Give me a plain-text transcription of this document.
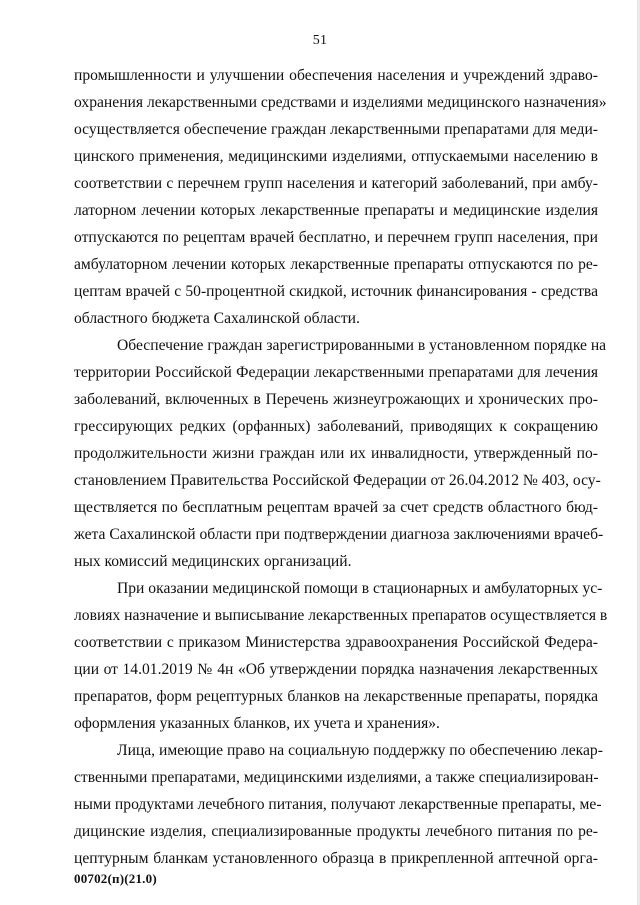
51
промышленности и улучшении обеспечения населения и учреждений здраво-
охранения лекарственными средствами и изделиями медицинского назначения»
осуществляется обеспечение граждан лекарственными препаратами для меди-
цинского применения, медицинскими изделиями, отпускаемыми населению в
соответствии с перечнем групп населения и категорий заболеваний, при амбу-
латорном лечении которых лекарственные препараты и медицинские изделия
отпускаются по рецептам врачей бесплатно, и перечнем групп населения, при
амбулаторном лечении которых лекарственные препараты отпускаются по ре-
цептам врачей с 50-процентной скидкой, источник финансирования - средства
областного бюджета Сахалинской области.
Обеспечение граждан зарегистрированными в установленном порядке на
территории Российской Федерации лекарственными препаратами для лечения
заболеваний, включенных в Перечень жизнеугрожающих и хронических про-
грессирующих редких (орфанных) заболеваний, приводящих к сокращению
продолжительности жизни граждан или их инвалидности, утвержденный по-
становлением Правительства Российской Федерации от 26.04.2012 № 403, осу-
ществляется по бесплатным рецептам врачей за счет средств областного бюд-
жета Сахалинской области при подтверждении диагноза заключениями врачеб-
ных комиссий медицинских организаций.
При оказании медицинской помощи в стационарных и амбулаторных ус-
ловиях назначение и выписывание лекарственных препаратов осуществляется в
соответствии с приказом Министерства здравоохранения Российской Федера-
ции от 14.01.2019 № 4н «Об утверждении порядка назначения лекарственных
препаратов, форм рецептурных бланков на лекарственные препараты, порядка
оформления указанных бланков, их учета и хранения».
Лица, имеющие право на социальную поддержку по обеспечению лекар-
ственными препаратами, медицинскими изделиями, а также специализирован-
ными продуктами лечебного питания, получают лекарственные препараты, ме-
дицинские изделия, специализированные продукты лечебного питания по ре-
цептурным бланкам установленного образца в прикрепленной аптечной орга-
00702(п)(21.0)
